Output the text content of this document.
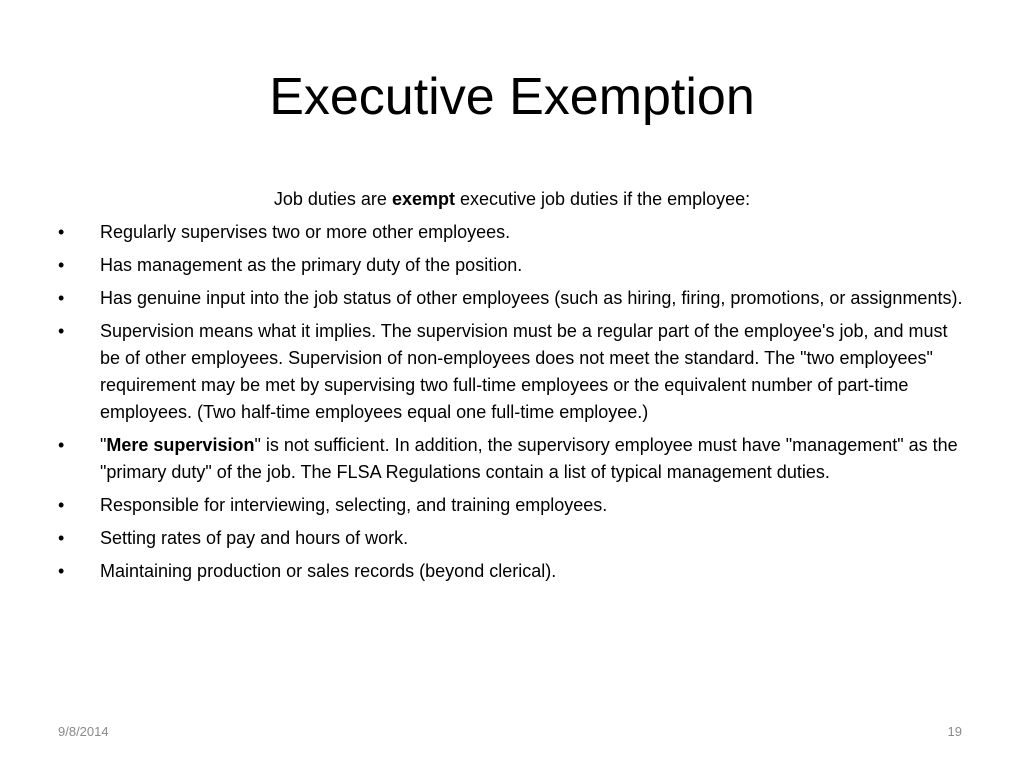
Executive Exemption

Job duties are exempt executive job duties if the employee:

•	Regularly supervises two or more other employees.
•	Has management as the primary duty of the position.
•	Has genuine input into the job status of other employees (such as hiring, firing, promotions, or assignments).
•	Supervision means what it implies. The supervision must be a regular part of the employee's job, and must be of other employees. Supervision of non-employees does not meet the standard. The "two employees" requirement may be met by supervising two full-time employees or the equivalent number of part-time employees. (Two half-time employees equal one full-time employee.)
•	"Mere supervision" is not sufficient. In addition, the supervisory employee must have "management" as the "primary duty" of the job. The FLSA Regulations contain a list of typical management duties.
•	Responsible for interviewing, selecting, and training employees.
•	Setting rates of pay and hours of work.
•	Maintaining production or sales records (beyond clerical).
9/8/2014	19
